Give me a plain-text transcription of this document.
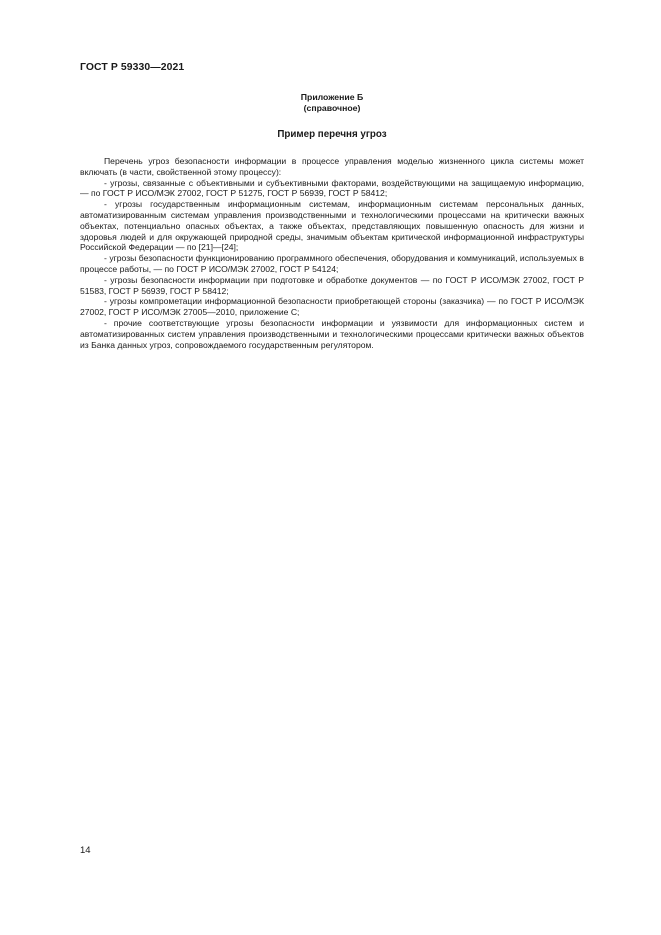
ГОСТ Р 59330—2021
Приложение Б
(справочное)
Пример перечня угроз

Перечень угроз безопасности информации в процессе управления моделью жизненного цикла системы может включать (в части, свойственной этому процессу):

- угрозы, связанные с объективными и субъективными факторами, воздействующими на защищаемую информацию, — по ГОСТ Р ИСО/МЭК 27002, ГОСТ Р 51275, ГОСТ Р 56939, ГОСТ Р 58412;

- угрозы государственным информационным системам, информационным системам персональных данных, автоматизированным системам управления производственными и технологическими процессами на критически важных объектах, потенциально опасных объектах, а также объектах, представляющих повышенную опасность для жизни и здоровья людей и для окружающей природной среды, значимым объектам критической информационной инфраструктуры Российской Федерации — по [21]—[24];

- угрозы безопасности функционированию программного обеспечения, оборудования и коммуникаций, используемых в процессе работы, — по ГОСТ Р ИСО/МЭК 27002, ГОСТ Р 54124;

- угрозы безопасности информации при подготовке и обработке документов — по ГОСТ Р ИСО/МЭК 27002, ГОСТ Р 51583, ГОСТ Р 56939, ГОСТ Р 58412;

- угрозы компрометации информационной безопасности приобретающей стороны (заказчика) — по ГОСТ Р ИСО/МЭК 27002, ГОСТ Р ИСО/МЭК 27005—2010, приложение С;

- прочие соответствующие угрозы безопасности информации и уязвимости для информационных систем и автоматизированных систем управления производственными и технологическими процессами критически важных объектов из Банка данных угроз, сопровождаемого государственным регулятором.

14
